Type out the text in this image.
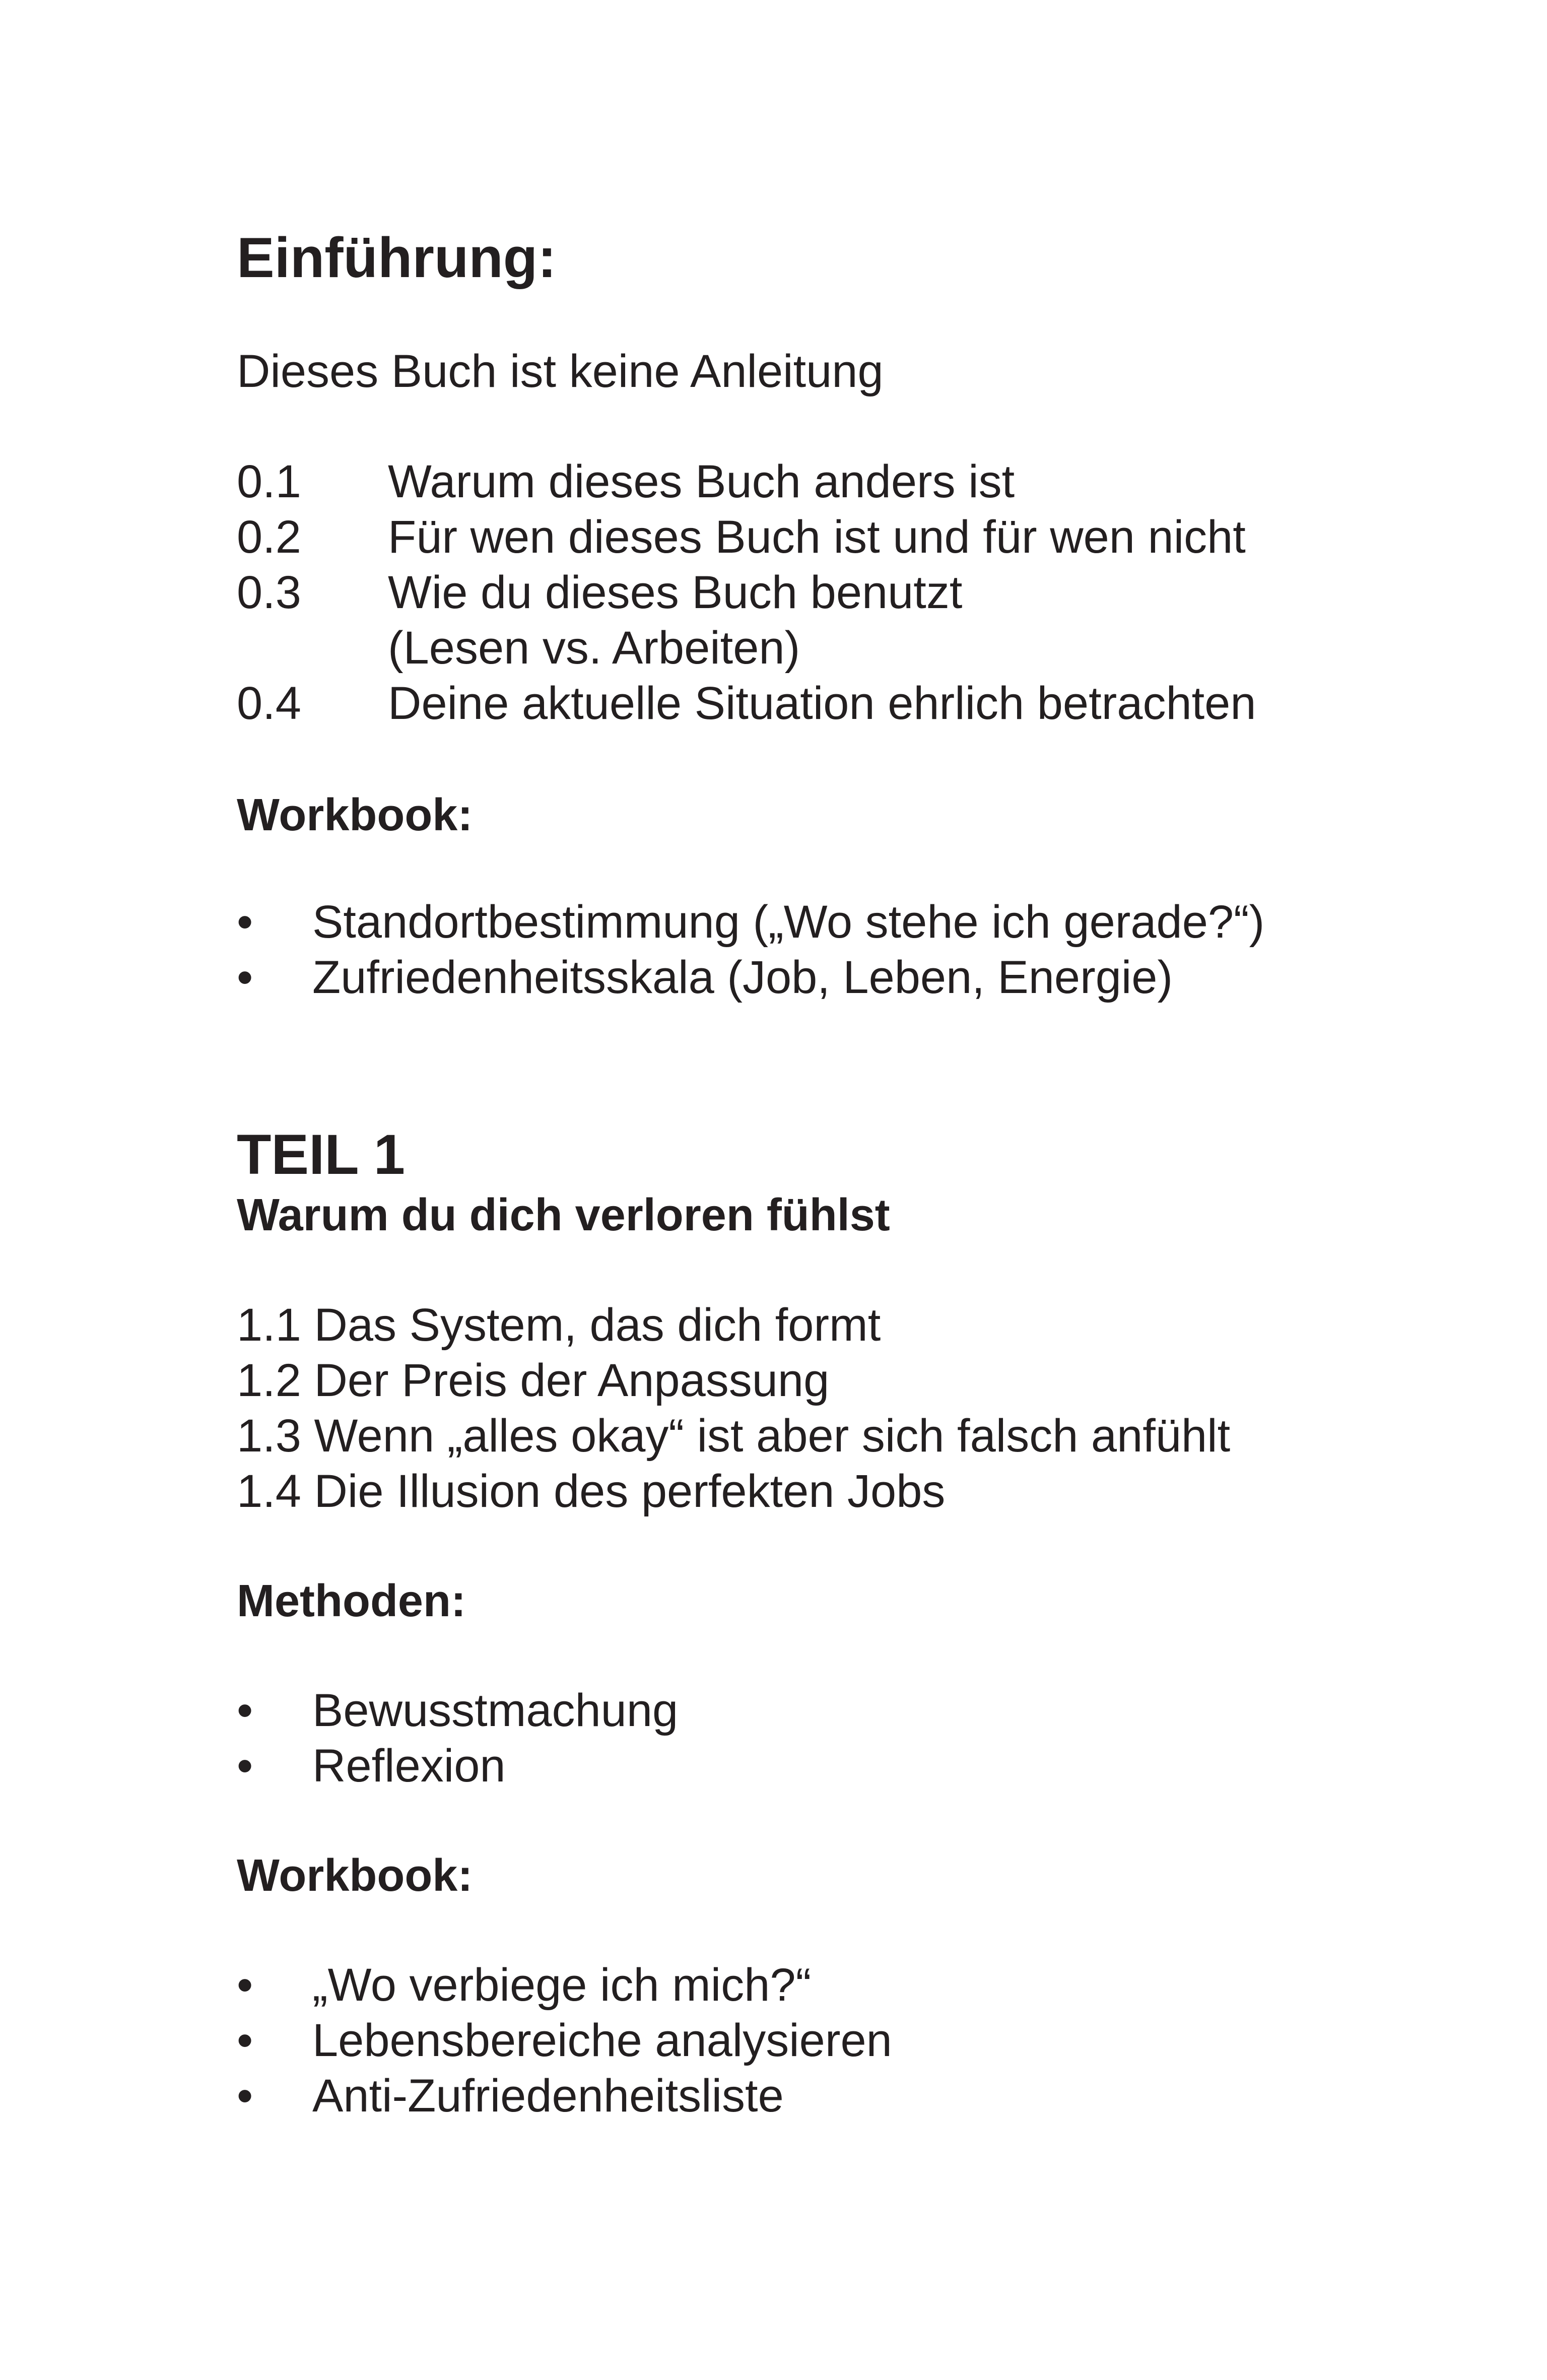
Einführung:

Dieses Buch ist keine Anleitung

0.1 Warum dieses Buch anders ist
0.2 Für wen dieses Buch ist und für wen nicht
0.3 Wie du dieses Buch benutzt
(Lesen vs. Arbeiten)
0.4 Deine aktuelle Situation ehrlich betrachten
Workbook:
• Standortbestimmung („Wo stehe ich gerade?“)
• Zufriedenheitsskala (Job, Leben, Energie)
TEIL 1
Warum du dich verloren fühlst
1.1 Das System, das dich formt
1.2 Der Preis der Anpassung
1.3 Wenn „alles okay“ ist aber sich falsch anfühlt
1.4 Die Illusion des perfekten Jobs
Methoden:
• Bewusstmachung
• Reflexion
Workbook:
• „Wo verbiege ich mich?“
• Lebensbereiche analysieren
• Anti-Zufriedenheitsliste
